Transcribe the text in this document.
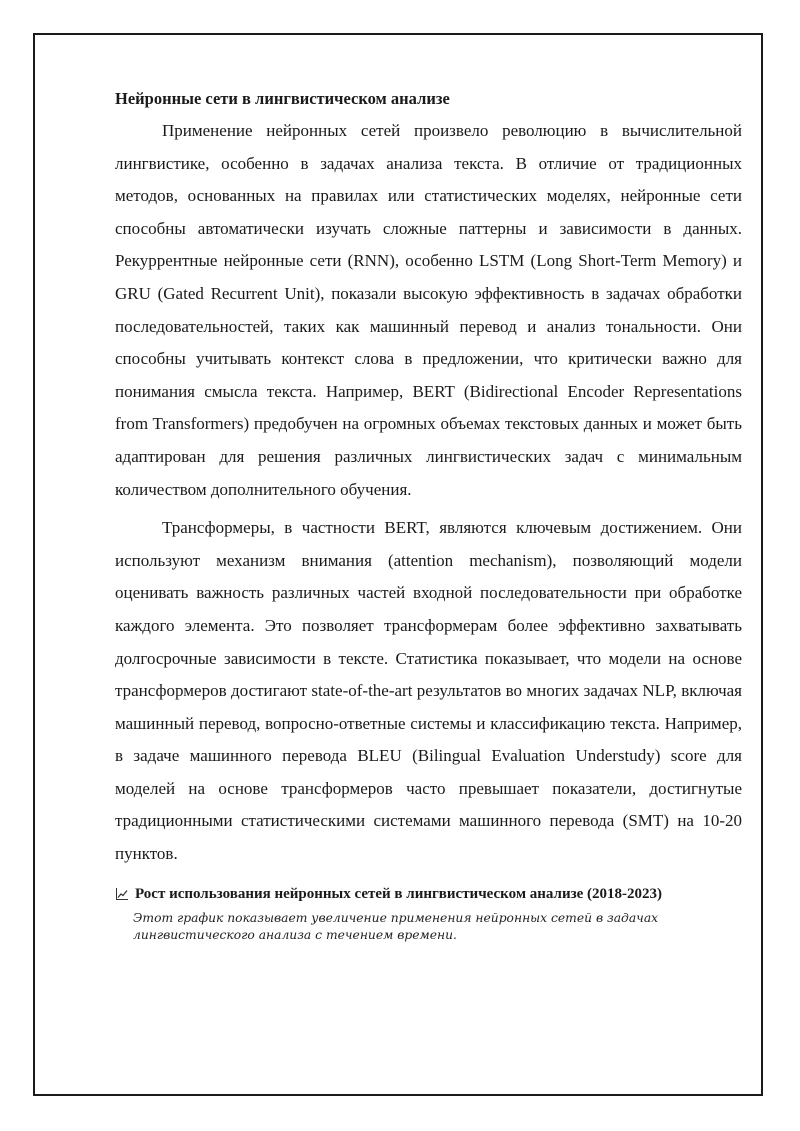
Нейронные сети в лингвистическом анализе

Применение нейронных сетей произвело революцию в вычислительной лингвистике, особенно в задачах анализа текста. В отличие от традиционных методов, основанных на правилах или статистических моделях, нейронные сети способны автоматически изучать сложные паттерны и зависимости в данных. Рекуррентные нейронные сети (RNN), особенно LSTM (Long Short-Term Memory) и GRU (Gated Recurrent Unit), показали высокую эффективность в задачах обработки последовательностей, таких как машинный перевод и анализ тональности. Они способны учитывать контекст слова в предложении, что критически важно для понимания смысла текста. Например, BERT (Bidirectional Encoder Representations from Transformers) предобучен на огромных объемах текстовых данных и может быть адаптирован для решения различных лингвистических задач с минимальным количеством дополнительного обучения.

Трансформеры, в частности BERT, являются ключевым достижением. Они используют механизм внимания (attention mechanism), позволяющий модели оценивать важность различных частей входной последовательности при обработке каждого элемента. Это позволяет трансформерам более эффективно захватывать долгосрочные зависимости в тексте. Статистика показывает, что модели на основе трансформеров достигают state-of-the-art результатов во многих задачах NLP, включая машинный перевод, вопросно-ответные системы и классификацию текста. Например, в задаче машинного перевода BLEU (Bilingual Evaluation Understudy) score для моделей на основе трансформеров часто превышает показатели, достигнутые традиционными статистическими системами машинного перевода (SMT) на 10-20 пунктов.

Рост использования нейронных сетей в лингвистическом анализе (2018-2023)
Этот график показывает увеличение применения нейронных сетей в задачах лингвистического анализа с течением времени.
